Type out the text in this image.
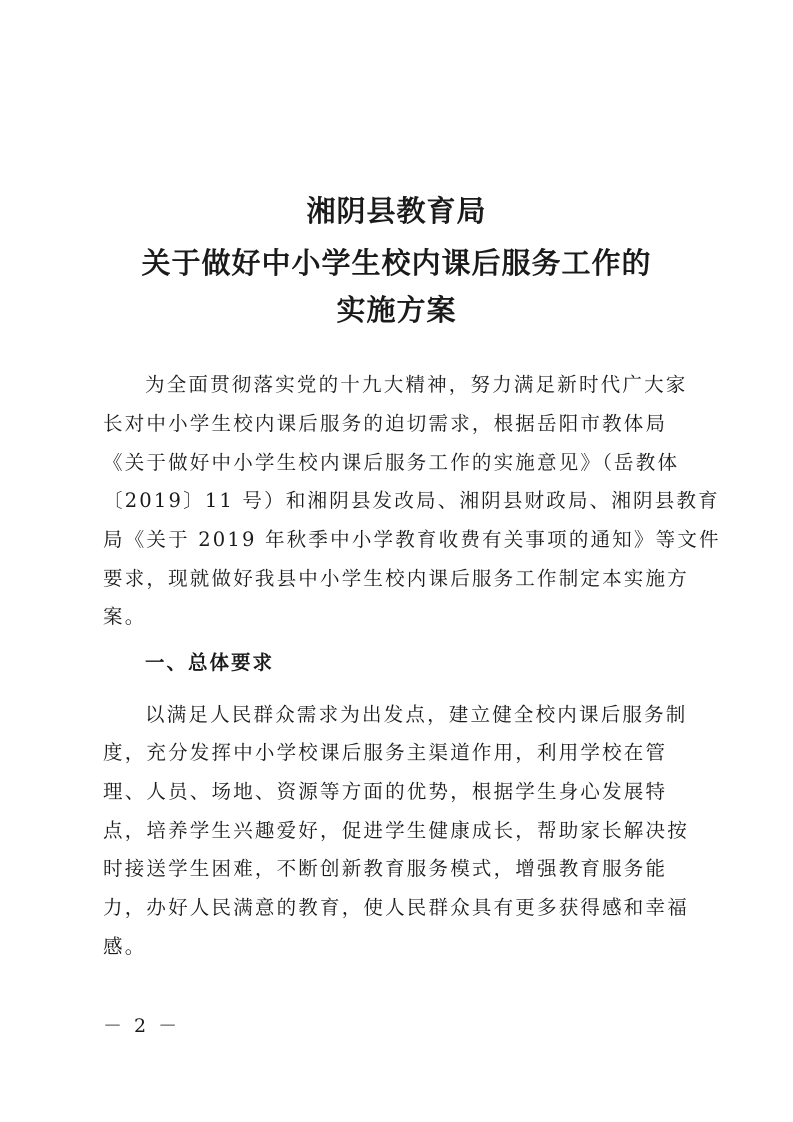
湘阴县教育局
关于做好中小学生校内课后服务工作的
实施方案

为全面贯彻落实党的十九大精神，努力满足新时代广大家

长对中小学生校内课后服务的迫切需求，根据岳阳市教体局

《关于做好中小学生校内课后服务工作的实施意见》（岳教体

〔2019〕11 号）和湘阴县发改局、湘阴县财政局、湘阴县教育

局《关于 2019 年秋季中小学教育收费有关事项的通知》等文件

要求，现就做好我县中小学生校内课后服务工作制定本实施方

案。

一、总体要求

以满足人民群众需求为出发点，建立健全校内课后服务制

度，充分发挥中小学校课后服务主渠道作用，利用学校在管

理、人员、场地、资源等方面的优势，根据学生身心发展特

点，培养学生兴趣爱好，促进学生健康成长，帮助家长解决按

时接送学生困难，不断创新教育服务模式，增强教育服务能

力，办好人民满意的教育，使人民群众具有更多获得感和幸福

感。

－ 2 －
